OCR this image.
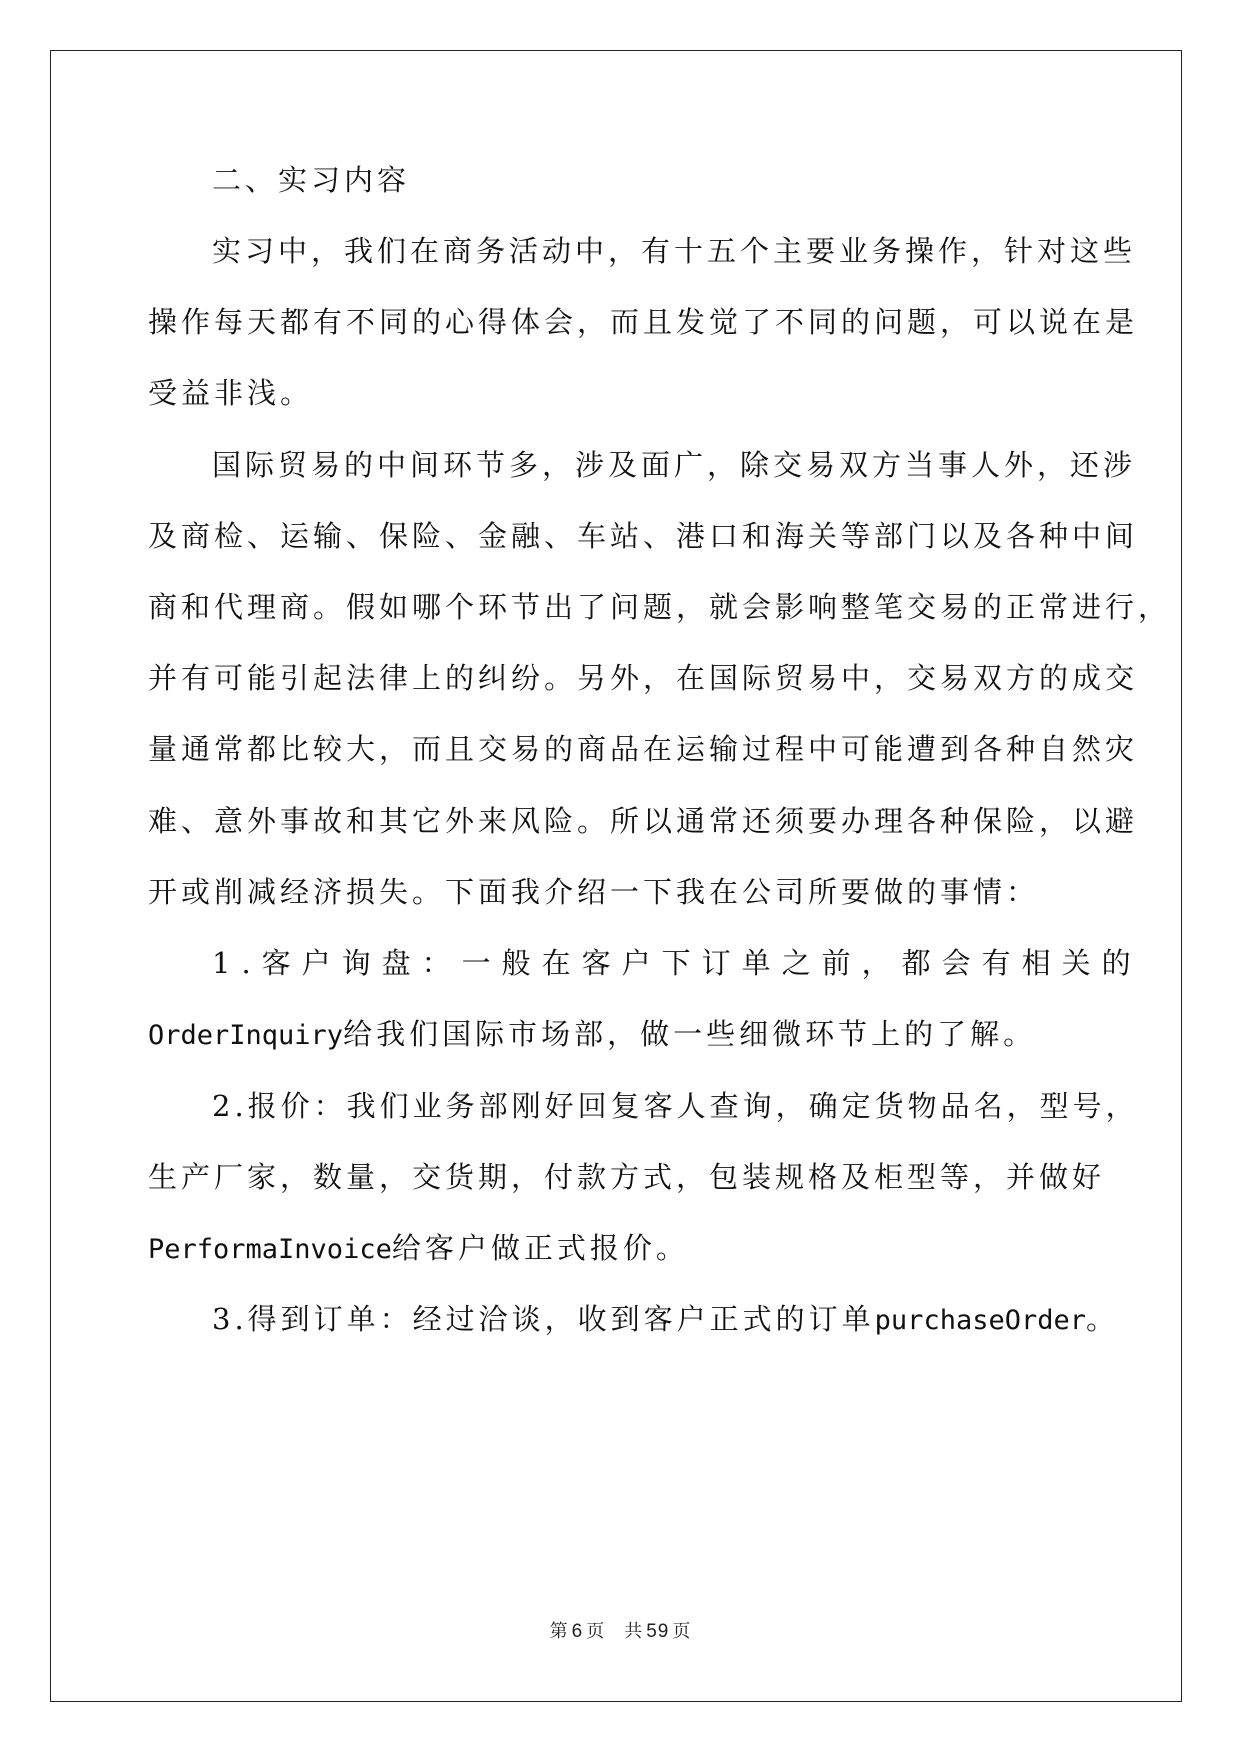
二、实习内容
实习中，我们在商务活动中，有十五个主要业务操作，针对这些
操作每天都有不同的心得体会，而且发觉了不同的问题，可以说在是
受益非浅。
国际贸易的中间环节多，涉及面广，除交易双方当事人外，还涉
及商检、运输、保险、金融、车站、港口和海关等部门以及各种中间
商和代理商。假如哪个环节出了问题，就会影响整笔交易的正常进行，
并有可能引起法律上的纠纷。另外，在国际贸易中，交易双方的成交
量通常都比较大，而且交易的商品在运输过程中可能遭到各种自然灾
难、意外事故和其它外来风险。所以通常还须要办理各种保险，以避
开或削减经济损失。下面我介绍一下我在公司所要做的事情：
1.客户询盘：一般在客户下订单之前，都会有相关的
OrderInquiry给我们国际市场部，做一些细微环节上的了解。
2.报价：我们业务部刚好回复客人查询，确定货物品名，型号，
生产厂家，数量，交货期，付款方式，包装规格及柜型等，并做好
PerformaInvoice给客户做正式报价。
3.得到订单：经过洽谈，收到客户正式的订单purchaseOrder。
第 6 页　共 59 页
